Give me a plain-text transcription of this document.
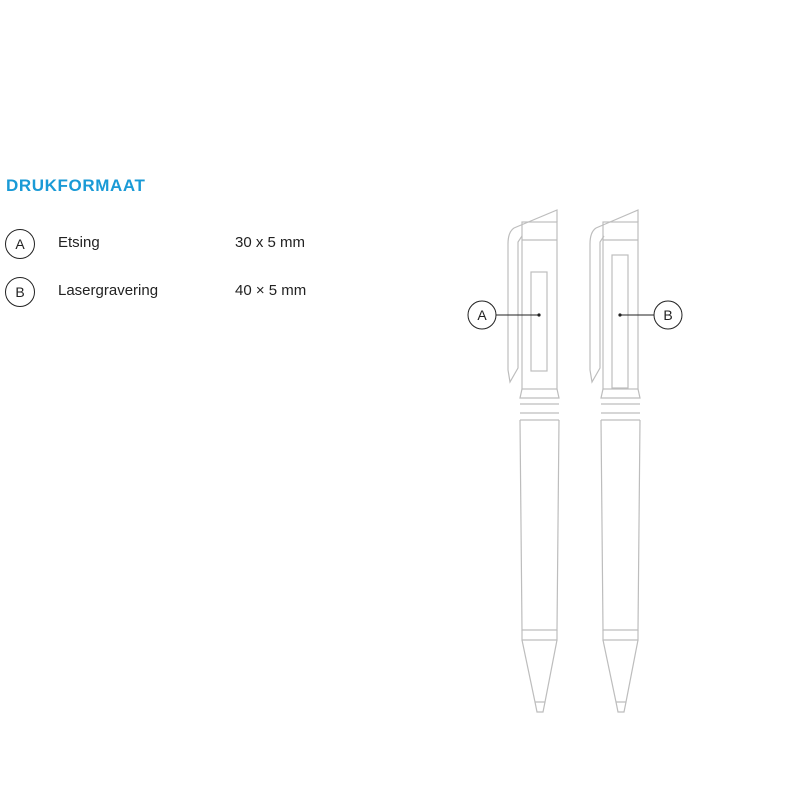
DRUKFORMAAT
A	Etsing	30 x 5 mm
B	Lasergravering	40 × 5 mm
A	B
